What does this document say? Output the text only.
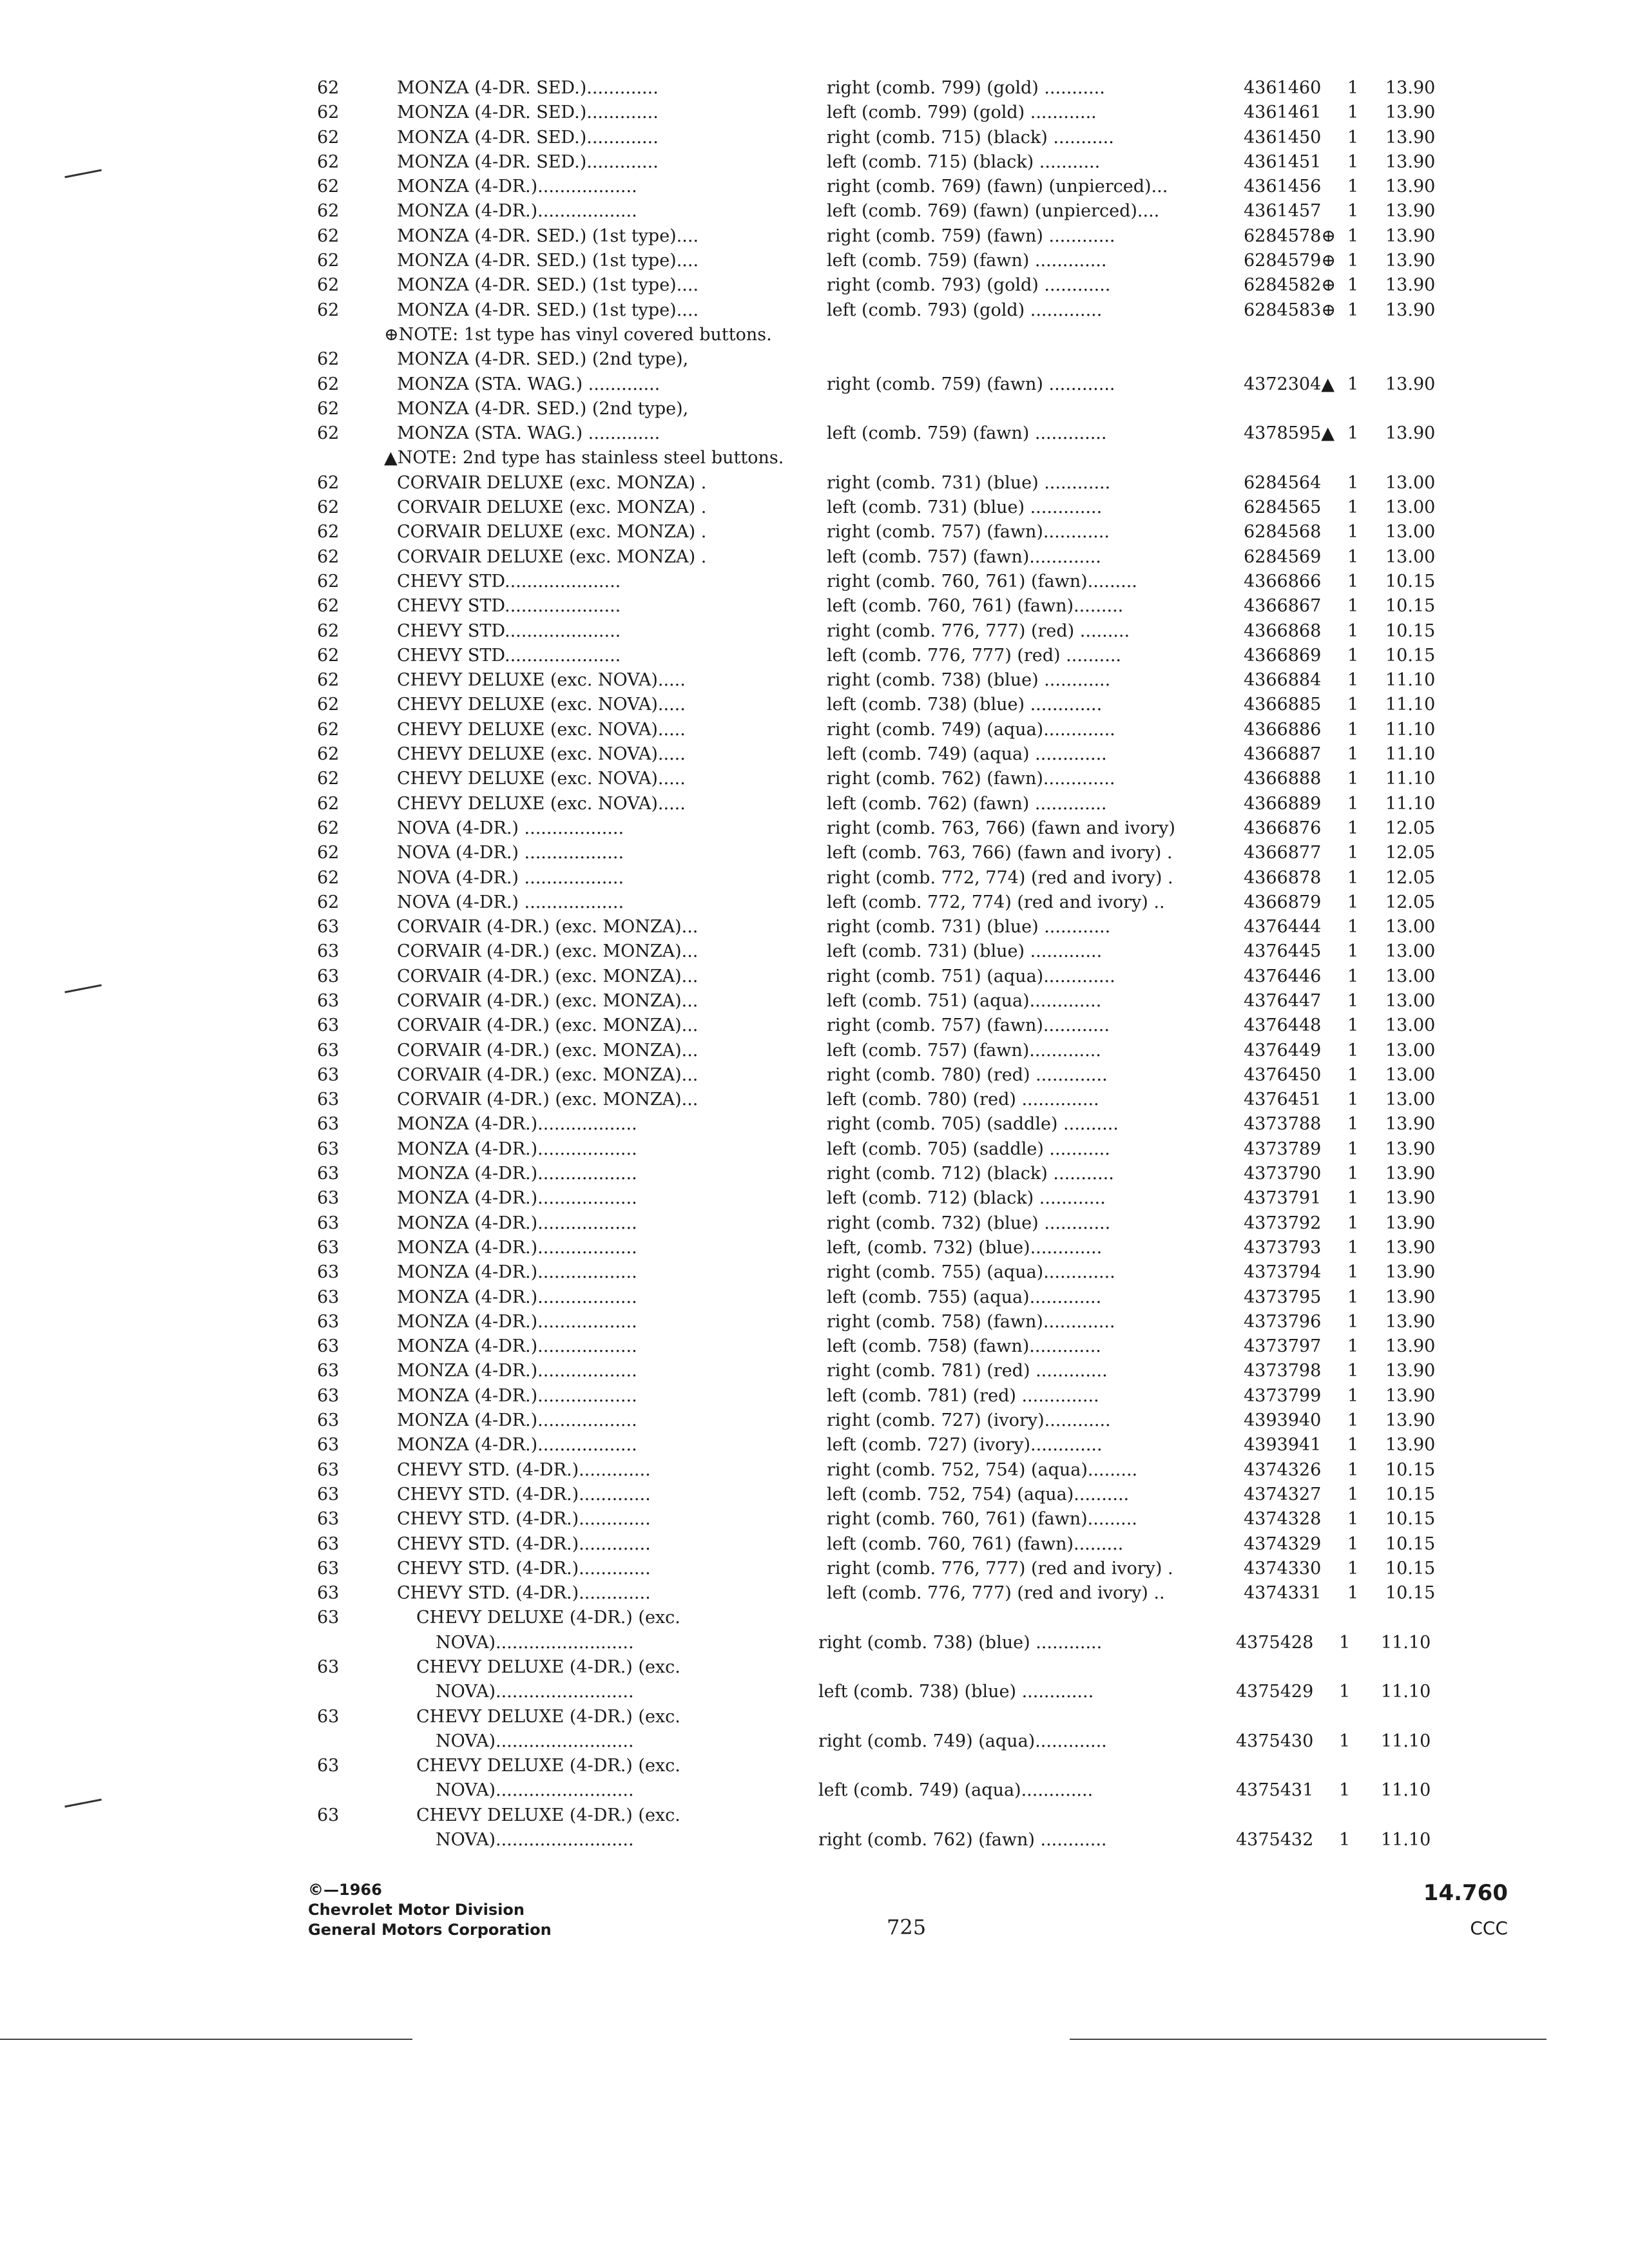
62	MONZA (4-DR. SED.).............	right (comb. 799) (gold) ...........	4361460 1 13.90
62	MONZA (4-DR. SED.).............	left (comb. 799) (gold) ............	4361461 1 13.90
62	MONZA (4-DR. SED.).............	right (comb. 715) (black) ...........	4361450 1 13.90
62	MONZA (4-DR. SED.).............	left (comb. 715) (black) ...........	4361451 1 13.90
62	MONZA (4-DR.)..................	right (comb. 769) (fawn) (unpierced)...	4361456 1 13.90
62	MONZA (4-DR.)..................	left (comb. 769) (fawn) (unpierced)....	4361457 1 13.90
62	MONZA (4-DR. SED.) (1st type)....	right (comb. 759) (fawn) ............	6284578⊕ 1 13.90
62	MONZA (4-DR. SED.) (1st type)....	left (comb. 759) (fawn) .............	6284579⊕ 1 13.90
62	MONZA (4-DR. SED.) (1st type)....	right (comb. 793) (gold) ............	6284582⊕ 1 13.90
62	MONZA (4-DR. SED.) (1st type)....	left (comb. 793) (gold) .............	6284583⊕ 1 13.90
⊕NOTE: 1st type has vinyl covered buttons.
62	MONZA (4-DR. SED.) (2nd type),
62	MONZA (STA. WAG.) .............	right (comb. 759) (fawn) ............	4372304▲ 1 13.90
62	MONZA (4-DR. SED.) (2nd type),
62	MONZA (STA. WAG.) .............	left (comb. 759) (fawn) .............	4378595▲ 1 13.90
▲NOTE: 2nd type has stainless steel buttons.
62	CORVAIR DELUXE (exc. MONZA) .	right (comb. 731) (blue) ............	6284564 1 13.00
62	CORVAIR DELUXE (exc. MONZA) .	left (comb. 731) (blue) .............	6284565 1 13.00
62	CORVAIR DELUXE (exc. MONZA) .	right (comb. 757) (fawn)............	6284568 1 13.00
62	CORVAIR DELUXE (exc. MONZA) .	left (comb. 757) (fawn).............	6284569 1 13.00
62	CHEVY STD.....................	right (comb. 760, 761) (fawn).........	4366866 1 10.15
62	CHEVY STD.....................	left (comb. 760, 761) (fawn).........	4366867 1 10.15
62	CHEVY STD.....................	right (comb. 776, 777) (red) .........	4366868 1 10.15
62	CHEVY STD.....................	left (comb. 776, 777) (red) ..........	4366869 1 10.15
62	CHEVY DELUXE (exc. NOVA).....	right (comb. 738) (blue) ............	4366884 1 11.10
62	CHEVY DELUXE (exc. NOVA).....	left (comb. 738) (blue) .............	4366885 1 11.10
62	CHEVY DELUXE (exc. NOVA).....	right (comb. 749) (aqua).............	4366886 1 11.10
62	CHEVY DELUXE (exc. NOVA).....	left (comb. 749) (aqua) .............	4366887 1 11.10
62	CHEVY DELUXE (exc. NOVA).....	right (comb. 762) (fawn).............	4366888 1 11.10
62	CHEVY DELUXE (exc. NOVA).....	left (comb. 762) (fawn) .............	4366889 1 11.10
62	NOVA (4-DR.) ..................	right (comb. 763, 766) (fawn and ivory)	4366876 1 12.05
62	NOVA (4-DR.) ..................	left (comb. 763, 766) (fawn and ivory) .	4366877 1 12.05
62	NOVA (4-DR.) ..................	right (comb. 772, 774) (red and ivory) .	4366878 1 12.05
62	NOVA (4-DR.) ..................	left (comb. 772, 774) (red and ivory) ..	4366879 1 12.05
63	CORVAIR (4-DR.) (exc. MONZA)...	right (comb. 731) (blue) ............	4376444 1 13.00
63	CORVAIR (4-DR.) (exc. MONZA)...	left (comb. 731) (blue) .............	4376445 1 13.00
63	CORVAIR (4-DR.) (exc. MONZA)...	right (comb. 751) (aqua).............	4376446 1 13.00
63	CORVAIR (4-DR.) (exc. MONZA)...	left (comb. 751) (aqua).............	4376447 1 13.00
63	CORVAIR (4-DR.) (exc. MONZA)...	right (comb. 757) (fawn)............	4376448 1 13.00
63	CORVAIR (4-DR.) (exc. MONZA)...	left (comb. 757) (fawn).............	4376449 1 13.00
63	CORVAIR (4-DR.) (exc. MONZA)...	right (comb. 780) (red) .............	4376450 1 13.00
63	CORVAIR (4-DR.) (exc. MONZA)...	left (comb. 780) (red) ..............	4376451 1 13.00
63	MONZA (4-DR.)..................	right (comb. 705) (saddle) ..........	4373788 1 13.90
63	MONZA (4-DR.)..................	left (comb. 705) (saddle) ...........	4373789 1 13.90
63	MONZA (4-DR.)..................	right (comb. 712) (black) ...........	4373790 1 13.90
63	MONZA (4-DR.)..................	left (comb. 712) (black) ............	4373791 1 13.90
63	MONZA (4-DR.)..................	right (comb. 732) (blue) ............	4373792 1 13.90
63	MONZA (4-DR.)..................	left, (comb. 732) (blue).............	4373793 1 13.90
63	MONZA (4-DR.)..................	right (comb. 755) (aqua).............	4373794 1 13.90
63	MONZA (4-DR.)..................	left (comb. 755) (aqua).............	4373795 1 13.90
63	MONZA (4-DR.)..................	right (comb. 758) (fawn).............	4373796 1 13.90
63	MONZA (4-DR.)..................	left (comb. 758) (fawn).............	4373797 1 13.90
63	MONZA (4-DR.)..................	right (comb. 781) (red) .............	4373798 1 13.90
63	MONZA (4-DR.)..................	left (comb. 781) (red) ..............	4373799 1 13.90
63	MONZA (4-DR.)..................	right (comb. 727) (ivory)............	4393940 1 13.90
63	MONZA (4-DR.)..................	left (comb. 727) (ivory).............	4393941 1 13.90
63	CHEVY STD. (4-DR.).............	right (comb. 752, 754) (aqua).........	4374326 1 10.15
63	CHEVY STD. (4-DR.).............	left (comb. 752, 754) (aqua)..........	4374327 1 10.15
63	CHEVY STD. (4-DR.).............	right (comb. 760, 761) (fawn).........	4374328 1 10.15
63	CHEVY STD. (4-DR.).............	left (comb. 760, 761) (fawn).........	4374329 1 10.15
63	CHEVY STD. (4-DR.).............	right (comb. 776, 777) (red and ivory) .	4374330 1 10.15
63	CHEVY STD. (4-DR.).............	left (comb. 776, 777) (red and ivory) ..	4374331 1 10.15
63	CHEVY DELUXE (4-DR.) (exc.
NOVA).........................	right (comb. 738) (blue) ............	4375428 1 11.10
63	CHEVY DELUXE (4-DR.) (exc.
NOVA).........................	left (comb. 738) (blue) .............	4375429 1 11.10
63	CHEVY DELUXE (4-DR.) (exc.
NOVA).........................	right (comb. 749) (aqua).............	4375430 1 11.10
63	CHEVY DELUXE (4-DR.) (exc.
NOVA).........................	left (comb. 749) (aqua).............	4375431 1 11.10
63	CHEVY DELUXE (4-DR.) (exc.
NOVA).........................	right (comb. 762) (fawn) ............	4375432 1 11.10
©—1966
Chevrolet Motor Division
General Motors Corporation	725
14.760
CCC
